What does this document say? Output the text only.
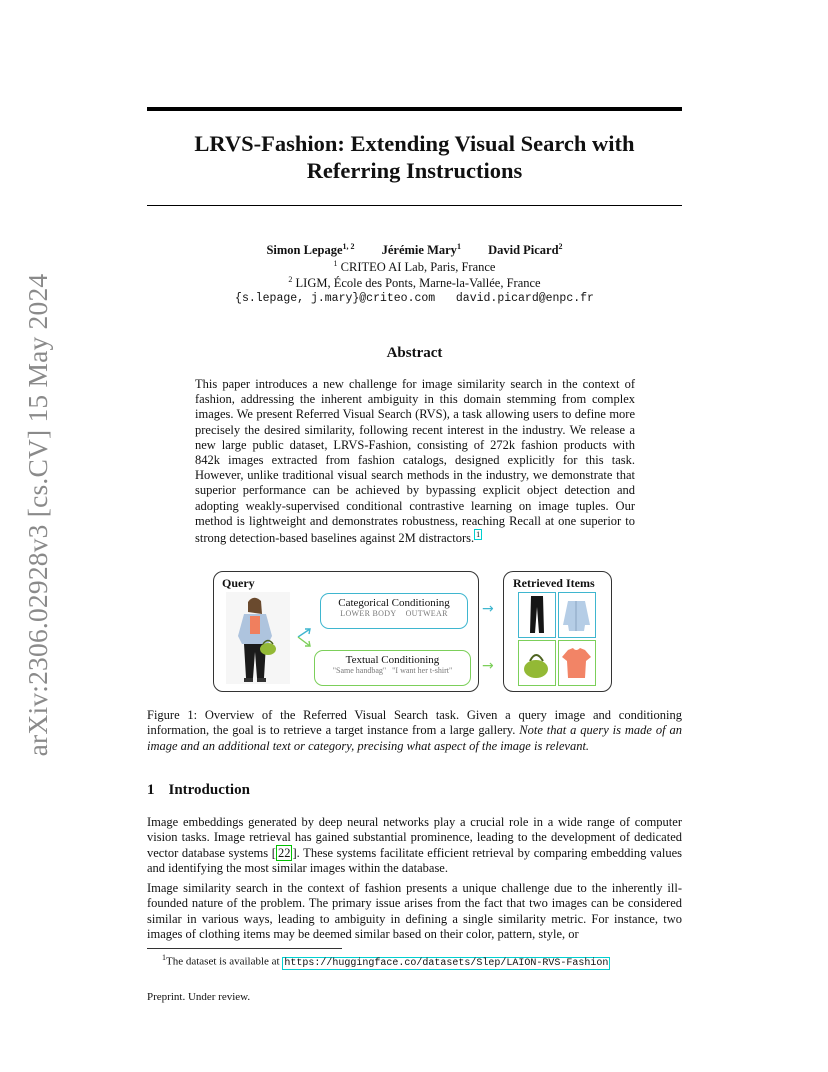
arXiv:2306.02928v3 [cs.CV] 15 May 2024
LRVS-Fashion: Extending Visual Search with
Referring Instructions
Simon Lepage$^{1, 2}$ Jérémie Mary$^1$ David Picard$^2$
$^1$ CRITEO AI Lab, Paris, France
$^2$ LIGM, École des Ponts, Marne-la-Vallée, France
{s.lepage, j.mary}@criteo.com david.picard@enpc.fr
Abstract
This paper introduces a new challenge for image similarity search in the context of fashion, addressing the inherent ambiguity in this domain stemming from complex images. We present Referred Visual Search (RVS), a task allowing users to define more precisely the desired similarity, following recent interest in the industry. We release a new large public dataset, LRVS-Fashion, consisting of 272k fashion products with 842k images extracted from fashion catalogs, designed explicitly for this task. However, unlike traditional visual search methods in the industry, we demonstrate that superior performance can be achieved by bypassing explicit object detection and adopting weakly-supervised conditional contrastive learning on image tuples. Our method is lightweight and demonstrates robustness, reaching Recall at one superior to strong detection-based baselines against 2M distractors. 1
Query
Categorical Conditioning
LOWER BODY OUTWEAR
Textual Conditioning
"Same handbag" "I want her t-shirt"
→
→
Retrieved Items
Figure 1: Overview of the Referred Visual Search task. Given a query image and conditioning information, the goal is to retrieve a target instance from a large gallery. Note that a query is made of an image and an additional text or category, precising what aspect of the image is relevant.
1 Introduction
Image embeddings generated by deep neural networks play a crucial role in a wide range of computer vision tasks. Image retrieval has gained substantial prominence, leading to the development of dedicated vector database systems [ 22 ]. These systems facilitate efficient retrieval by comparing embedding values and identifying the most similar images within the database.
Image similarity search in the context of fashion presents a unique challenge due to the inherently ill-founded nature of the problem. The primary issue arises from the fact that two images can be considered similar in various ways, leading to ambiguity in defining a single similarity metric. For instance, two images of clothing items may be deemed similar based on their color, pattern, style, or
$^1$The dataset is available at https://huggingface.co/datasets/Slep/LAION-RVS-Fashion
Preprint. Under review.
